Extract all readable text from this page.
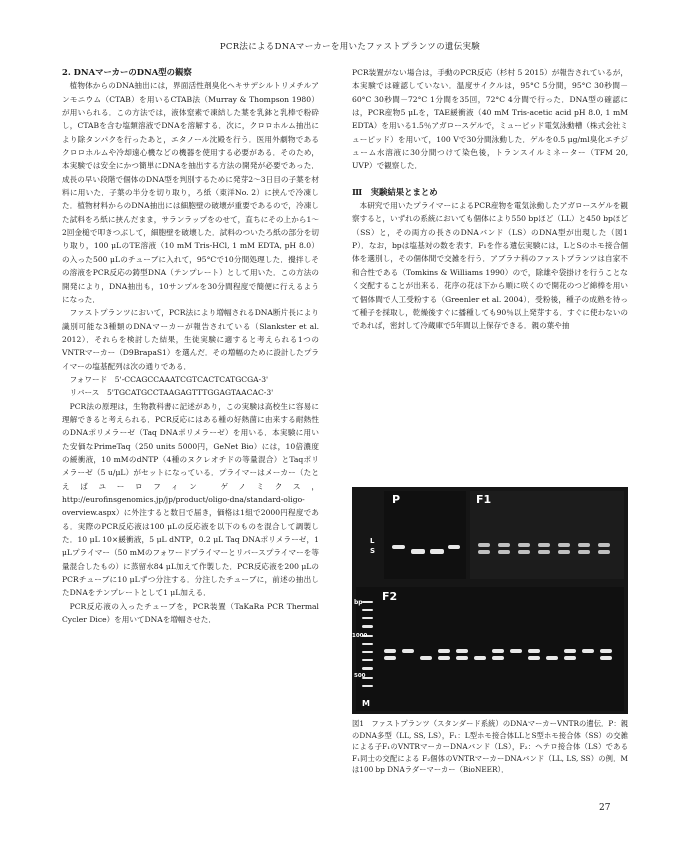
PCR法によるDNAマーカーを用いたファストプランツの遺伝実験
2. DNAマーカーのDNA型の観察

植物体からのDNA抽出には，界面活性剤臭化ヘキサデシルトリメチルアンモニウム（CTAB）を用いるCTAB法（Murray & Thompson 1980）が用いられる．この方法では，液体窒素で凍結した葉を乳鉢と乳棒で粉砕し，CTABを含む塩類溶液でDNAを溶解する．次に，クロロホルム抽出により除タンパクを行ったあと，エタノール沈殿を行う．医用外劇物であるクロロホルムや冷却遠心機などの機器を使用する必要がある．そのため，本実験では安全にかつ簡単にDNAを抽出する方法の開発が必要であった．成長の早い段階で個体のDNA型を判別するために発芽2～3日目の子葉を材料に用いた．子葉の半分を切り取り，ろ紙（東洋No. 2）に挟んで冷凍した．植物材料からのDNA抽出には細胞壁の破壊が重要であるので，冷凍した試料をろ紙に挟んだまま，サランラップをのせて，直ちにその上から1～2回金槌で叩きつぶして，細胞壁を破壊した．試料のついたろ紙の部分を切り取り，100 μLのTE溶液（10 mM Tris-HCl, 1 mM EDTA, pH 8.0）の入った500 μLのチューブに入れて，95°Cで10分間処理した．攪拌しその溶液をPCR反応の鋳型DNA（テンプレート）として用いた．この方法の開発により，DNA抽出も，10サンプルを30分間程度で簡便に行えるようになった．

ファストプランツにおいて，PCR法により増幅されるDNA断片長により識別可能な3種類のDNAマーカーが報告されている（Slankster et al. 2012）．それらを検討した結果，生徒実験に適すると考えられる1つのVNTRマーカー（D9BrapaS1）を選んだ．その増幅のために設計したプライマーの塩基配列は次の通りである．

フォワード　5'-CCAGCCAAATCGTCACTCATGCGA-3'

リバース　5'TGCATGCCTAAGAGTTTGGAGTAACAC-3'

PCR法の原理は，生物教科書に記述があり，この実験は高校生に容易に理解できると考えられる．PCR反応にはある種の好熱菌に由来する耐熱性のDNAポリメラーゼ（Taq DNAポリメラーゼ）を用いる．本実験に用いた安価なPrimeTaq（250 units 5000円，GeNet Bio）には，10倍濃度の緩衝液，10 mMのdNTP（4種のヌクレオチドの等量混合）とTaqポリメラーゼ（5 u/μL）がセットになっている．プライマーはメーカー（たとえばユーロフィン ゲノミクス，http://eurofinsgenomics.jp/jp/product/oligo-dna/standard-oligo-overview.aspx）に外注すると数日で届き，価格は1組で2000円程度である．実際のPCR反応液は100 μLの反応液を以下のものを混合して調製した．10 μL 10×緩衝液，5 μL dNTP，0.2 μL Taq DNAポリメラーゼ，1 μLプライマー（50 mMのフォワードプライマーとリバースプライマーを等量混合したもの）に蒸留水84 μL加えて作製した．PCR反応液を200 μLのPCRチューブに10 μLずつ分注する．分注したチューブに，前述の抽出したDNAをテンプレートとして1 μL加える．

PCR反応液の入ったチューブを，PCR装置（TaKaRa PCR Thermal Cycler Dice）を用いてDNAを増幅させた．

PCR装置がない場合は，手動のPCR反応（杉村 5 2015）が報告されているが，本実験では確認していない．温度サイクルは，95°C 5分間，95°C 30秒間－60°C 30秒間－72°C 1分間を35回，72°C 4分間で行った．DNA型の確認には，PCR産物5 μLを，TAE緩衝液（40 mM Tris-acetic acid pH 8.0, 1 mM EDTA）を用いる1.5％アガロースゲルで，ミューピッド電気泳動槽（株式会社ミューピッド）を用いて，100 Vで30分間泳動した．ゲルを0.5 μg/ml臭化エチジューム水溶液に30分間つけて染色後，トランスイルミネーター（TFM 20, UVP）で観察した．

Ⅲ　実験結果とまとめ

本研究で用いたプライマーによるPCR産物を電気泳動したアガロースゲルを観察すると，いずれの系統においても個体により550 bpほど（LL）と450 bpほど（SS）と，その両方の長さのDNAバンド（LS）のDNA型が出現した（図1 P）．なお，bpは塩基対の数を表す．F₁を作る遺伝実験には，LとSのホモ接合個体を選別し，その個体間で交雑を行う．アブラナ科のファストプランツは自家不和合性である（Tomkins & Williams 1990）ので，除雄や袋掛けを行うことなく交配することが出来る．花序の花は下から順に咲くので開花のつど綿棒を用いて個体間で人工受粉する（Greenler et al. 2004）．受粉後，種子の成熟を待って種子を採取し，乾燥後すぐに播種しても90％以上発芽する．すぐに使わないのであれば，密封して冷蔵庫で5年間以上保存できる．親の葉や抽

P	F1
F2
L
S
bp
1000
500
M
図1　ファストプランツ（スタンダード系統）のDNAマーカーVNTRの遺伝．P：親のDNA多型（LL, SS, LS），F₁：L型ホモ接合体LLとS型ホモ接合体（SS）の交雑による子F₁のVNTRマーカーDNAバンド（LS），F₂：ヘテロ接合体（LS）であるF₁同士の交配による F₂個体のVNTRマーカーDNAバンド（LL, LS, SS）の例．Mは100 bp DNAラダーマーカー（BioNEER）．
27
